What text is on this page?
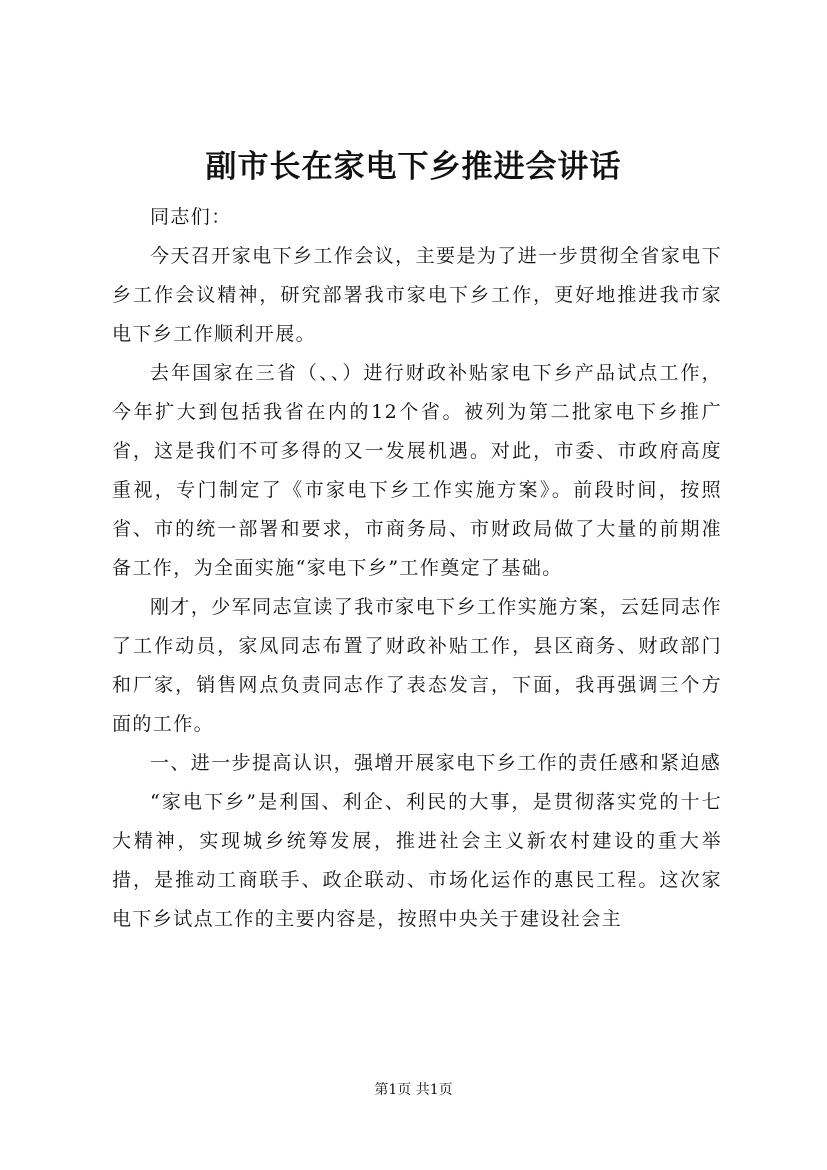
副市长在家电下乡推进会讲话

同志们：

今天召开家电下乡工作会议，主要是为了进一步贯彻全省家电下乡工作会议精神，研究部署我市家电下乡工作，更好地推进我市家电下乡工作顺利开展。

去年国家在三省（、、）进行财政补贴家电下乡产品试点工作，今年扩大到包括我省在内的12个省。被列为第二批家电下乡推广省，这是我们不可多得的又一发展机遇。对此，市委、市政府高度重视，专门制定了《市家电下乡工作实施方案》。前段时间，按照省、市的统一部署和要求，市商务局、市财政局做了大量的前期准备工作，为全面实施“家电下乡”工作奠定了基础。

刚才，少军同志宣读了我市家电下乡工作实施方案，云廷同志作了工作动员，家凤同志布置了财政补贴工作，县区商务、财政部门和厂家，销售网点负责同志作了表态发言，下面，我再强调三个方面的工作。

一、进一步提高认识，强增开展家电下乡工作的责任感和紧迫感

“家电下乡”是利国、利企、利民的大事，是贯彻落实党的十七大精神，实现城乡统筹发展，推进社会主义新农村建设的重大举措，是推动工商联手、政企联动、市场化运作的惠民工程。这次家电下乡试点工作的主要内容是，按照中央关于建设社会主

第1页 共1页
